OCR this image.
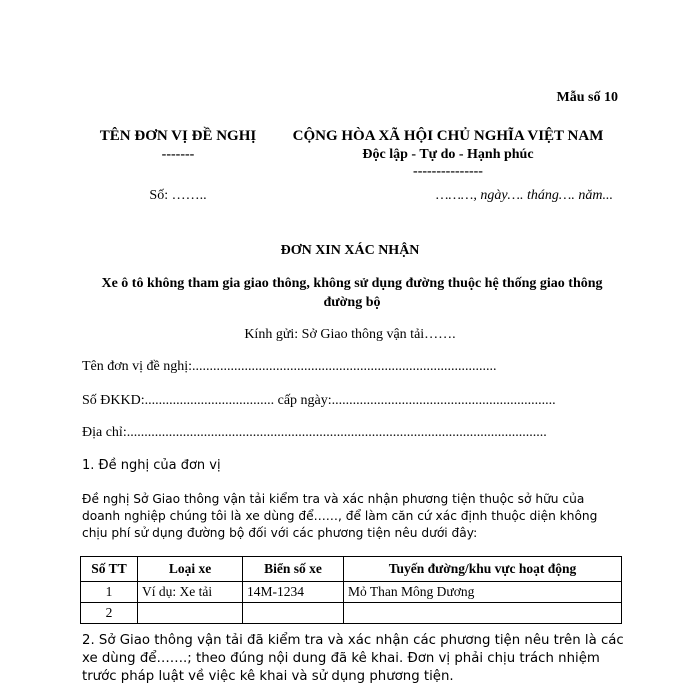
Mẫu số 10
TÊN ĐƠN VỊ ĐỀ NGHỊ
-------
CỘNG HÒA XÃ HỘI CHỦ NGHĨA VIỆT NAM
Độc lập - Tự do - Hạnh phúc
---------------
Số: ……..	………, ngày…. tháng…. năm...
ĐƠN XIN XÁC NHẬN
Xe ô tô không tham gia giao thông, không sử dụng đường thuộc hệ thống giao thông đường bộ
Kính gửi: Sở Giao thông vận tải…….
Tên đơn vị đề nghị:.......................................................................................
Số ĐKKD:..................................... cấp ngày:................................................................
Địa chỉ:........................................................................................................................
1. Đề nghị của đơn vị
Đề nghị Sở Giao thông vận tải kiểm tra và xác nhận phương tiện thuộc sở hữu của doanh nghiệp chúng tôi là xe dùng để……, để làm căn cứ xác định thuộc diện không chịu phí sử dụng đường bộ đối với các phương tiện nêu dưới đây:
Số TT	Loại xe	Biển số xe	Tuyến đường/khu vực hoạt động
1	Ví dụ: Xe tải	14M-1234	Mỏ Than Mông Dương
2			
2. Sở Giao thông vận tải đã kiểm tra và xác nhận các phương tiện nêu trên là các xe dùng để…….; theo đúng nội dung đã kê khai. Đơn vị phải chịu trách nhiệm trước pháp luật về việc kê khai và sử dụng phương tiện.
